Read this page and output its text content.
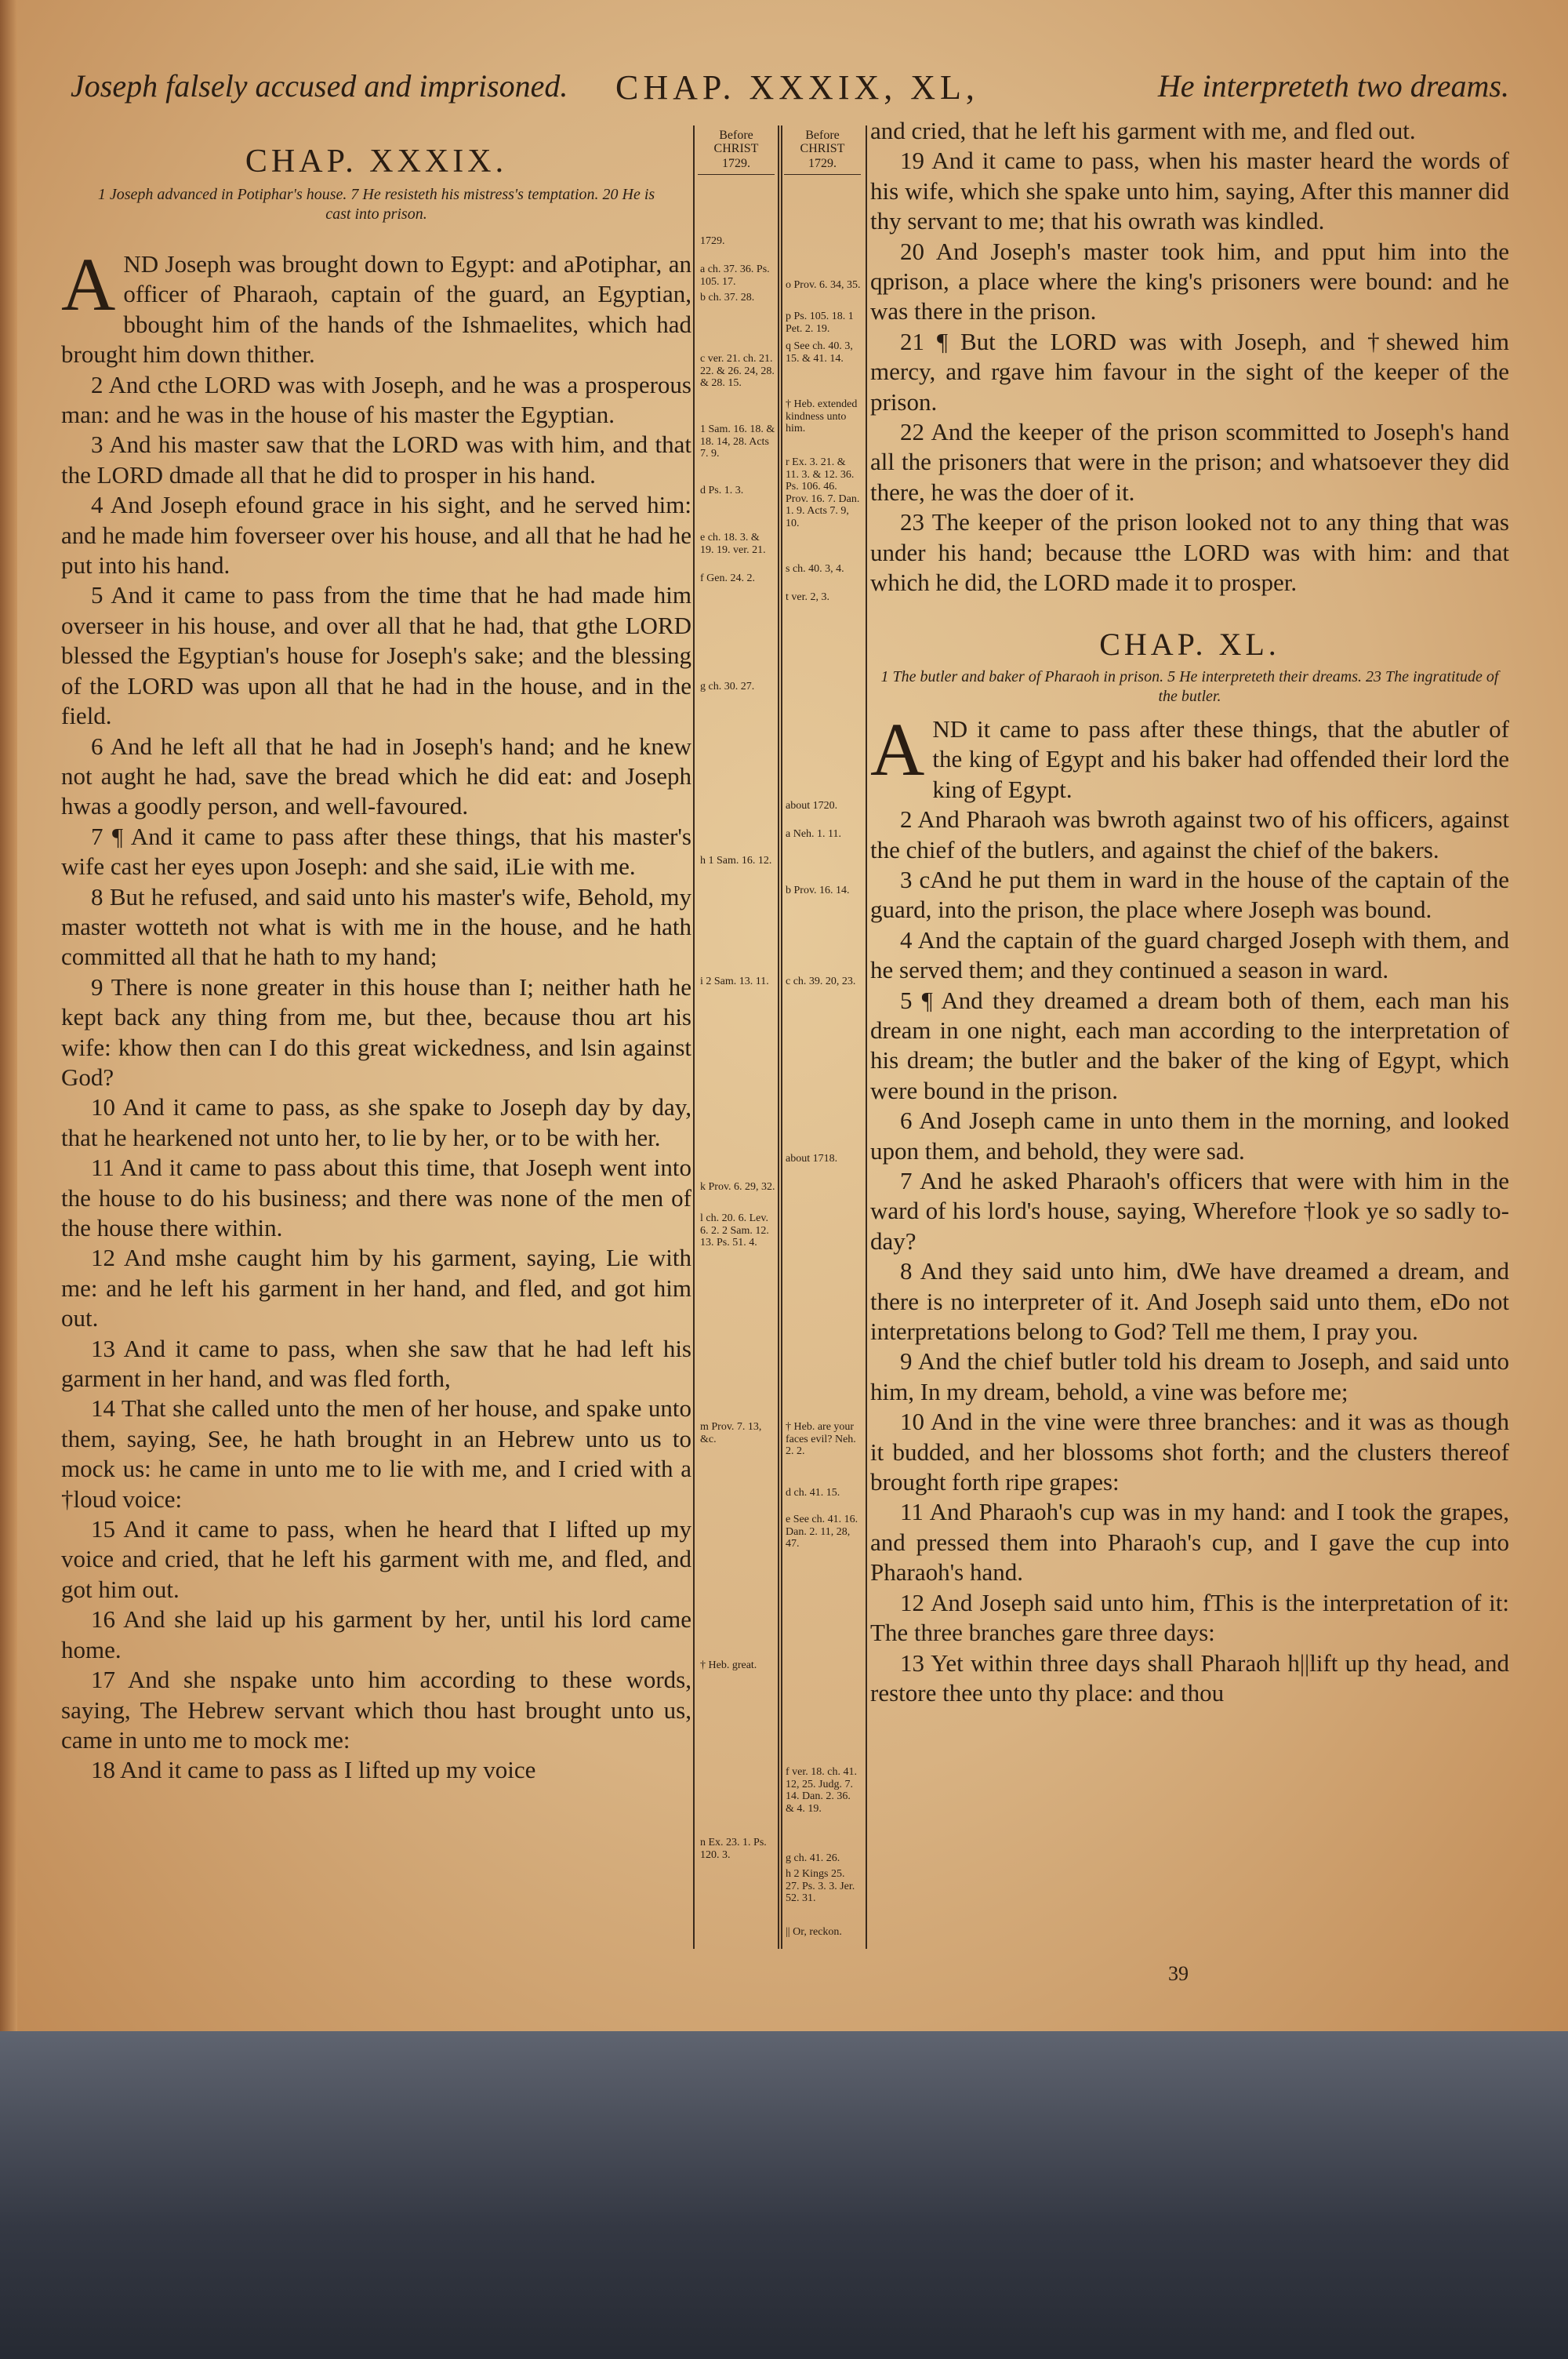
Joseph falsely accused and imprisoned. CHAP. XXXIX, XL,	He interpreteth two dreams.
CHAP. XXXIX.
1 Joseph advanced in Potiphar's house. 7 He resisteth his mistress's temptation. 20 He is cast into prison.

AND Joseph was brought down to Egypt: and aPotiphar, an officer of Pharaoh, captain of the guard, an Egyptian, bbought him of the hands of the Ishmaelites, which had brought him down thither.

2 And cthe LORD was with Joseph, and he was a prosperous man: and he was in the house of his master the Egyptian.

3 And his master saw that the LORD was with him, and that the LORD dmade all that he did to prosper in his hand.

4 And Joseph efound grace in his sight, and he served him: and he made him foverseer over his house, and all that he had he put into his hand.

5 And it came to pass from the time that he had made him overseer in his house, and over all that he had, that gthe LORD blessed the Egyptian's house for Joseph's sake; and the blessing of the LORD was upon all that he had in the house, and in the field.

6 And he left all that he had in Joseph's hand; and he knew not aught he had, save the bread which he did eat: and Joseph hwas a goodly person, and well-favoured.

7 ¶ And it came to pass after these things, that his master's wife cast her eyes upon Joseph: and she said, iLie with me.

8 But he refused, and said unto his master's wife, Behold, my master wotteth not what is with me in the house, and he hath committed all that he hath to my hand;

9 There is none greater in this house than I; neither hath he kept back any thing from me, but thee, because thou art his wife: khow then can I do this great wickedness, and lsin against God?

10 And it came to pass, as she spake to Joseph day by day, that he hearkened not unto her, to lie by her, or to be with her.

11 And it came to pass about this time, that Joseph went into the house to do his business; and there was none of the men of the house there within.

12 And mshe caught him by his garment, saying, Lie with me: and he left his garment in her hand, and fled, and got him out.

13 And it came to pass, when she saw that he had left his garment in her hand, and was fled forth,

14 That she called unto the men of her house, and spake unto them, saying, See, he hath brought in an Hebrew unto us to mock us: he came in unto me to lie with me, and I cried with a †loud voice:

15 And it came to pass, when he heard that I lifted up my voice and cried, that he left his garment with me, and fled, and got him out.

16 And she laid up his garment by her, until his lord came home.

17 And she nspake unto him according to these words, saying, The Hebrew servant which thou hast brought unto us, came in unto me to mock me:

18 And it came to pass as I lifted up my voice

Before CHRIST
1729.
Before CHRIST
1729.
1729.
a ch. 37. 36. Ps. 105. 17.
b ch. 37. 28.
c ver. 21. ch. 21. 22. & 26. 24, 28. & 28. 15.
1 Sam. 16. 18. & 18. 14, 28. Acts 7. 9.
d Ps. 1. 3.
e ch. 18. 3. & 19. 19. ver. 21.
f Gen. 24. 2.
g ch. 30. 27.
h 1 Sam. 16. 12.
i 2 Sam. 13. 11.
k Prov. 6. 29, 32.
l ch. 20. 6. Lev. 6. 2. 2 Sam. 12. 13. Ps. 51. 4.
m Prov. 7. 13, &c.
† Heb. great.
n Ex. 23. 1. Ps. 120. 3.
o Prov. 6. 34, 35.
p Ps. 105. 18. 1 Pet. 2. 19.
q See ch. 40. 3, 15. & 41. 14.
† Heb. extended kindness unto him.
r Ex. 3. 21. & 11. 3. & 12. 36. Ps. 106. 46. Prov. 16. 7. Dan. 1. 9. Acts 7. 9, 10.
s ch. 40. 3, 4.
t ver. 2, 3.
about 1720.
a Neh. 1. 11.
b Prov. 16. 14.
c ch. 39. 20, 23.
about 1718.
† Heb. are your faces evil? Neh. 2. 2.
d ch. 41. 15.
e See ch. 41. 16. Dan. 2. 11, 28, 47.
f ver. 18. ch. 41. 12, 25. Judg. 7. 14. Dan. 2. 36. & 4. 19.
g ch. 41. 26.
h 2 Kings 25. 27. Ps. 3. 3. Jer. 52. 31.
|| Or, reckon.

and cried, that he left his garment with me, and fled out.

19 And it came to pass, when his master heard the words of his wife, which she spake unto him, saying, After this manner did thy servant to me; that his owrath was kindled.

20 And Joseph's master took him, and pput him into the qprison, a place where the king's prisoners were bound: and he was there in the prison.

21 ¶ But the LORD was with Joseph, and †shewed him mercy, and rgave him favour in the sight of the keeper of the prison.

22 And the keeper of the prison scommitted to Joseph's hand all the prisoners that were in the prison; and whatsoever they did there, he was the doer of it.

23 The keeper of the prison looked not to any thing that was under his hand; because tthe LORD was with him: and that which he did, the LORD made it to prosper.

CHAP. XL.
1 The butler and baker of Pharaoh in prison. 5 He interpreteth their dreams. 23 The ingratitude of the butler.

AND it came to pass after these things, that the abutler of the king of Egypt and his baker had offended their lord the king of Egypt.

2 And Pharaoh was bwroth against two of his officers, against the chief of the butlers, and against the chief of the bakers.

3 cAnd he put them in ward in the house of the captain of the guard, into the prison, the place where Joseph was bound.

4 And the captain of the guard charged Joseph with them, and he served them; and they continued a season in ward.

5 ¶ And they dreamed a dream both of them, each man his dream in one night, each man according to the interpretation of his dream; the butler and the baker of the king of Egypt, which were bound in the prison.

6 And Joseph came in unto them in the morning, and looked upon them, and behold, they were sad.

7 And he asked Pharaoh's officers that were with him in the ward of his lord's house, saying, Wherefore †look ye so sadly to-day?

8 And they said unto him, dWe have dreamed a dream, and there is no interpreter of it. And Joseph said unto them, eDo not interpretations belong to God? Tell me them, I pray you.

9 And the chief butler told his dream to Joseph, and said unto him, In my dream, behold, a vine was before me;

10 And in the vine were three branches: and it was as though it budded, and her blossoms shot forth; and the clusters thereof brought forth ripe grapes:

11 And Pharaoh's cup was in my hand: and I took the grapes, and pressed them into Pharaoh's cup, and I gave the cup into Pharaoh's hand.

12 And Joseph said unto him, fThis is the interpretation of it: The three branches gare three days:

13 Yet within three days shall Pharaoh h||lift up thy head, and restore thee unto thy place: and thou

39
